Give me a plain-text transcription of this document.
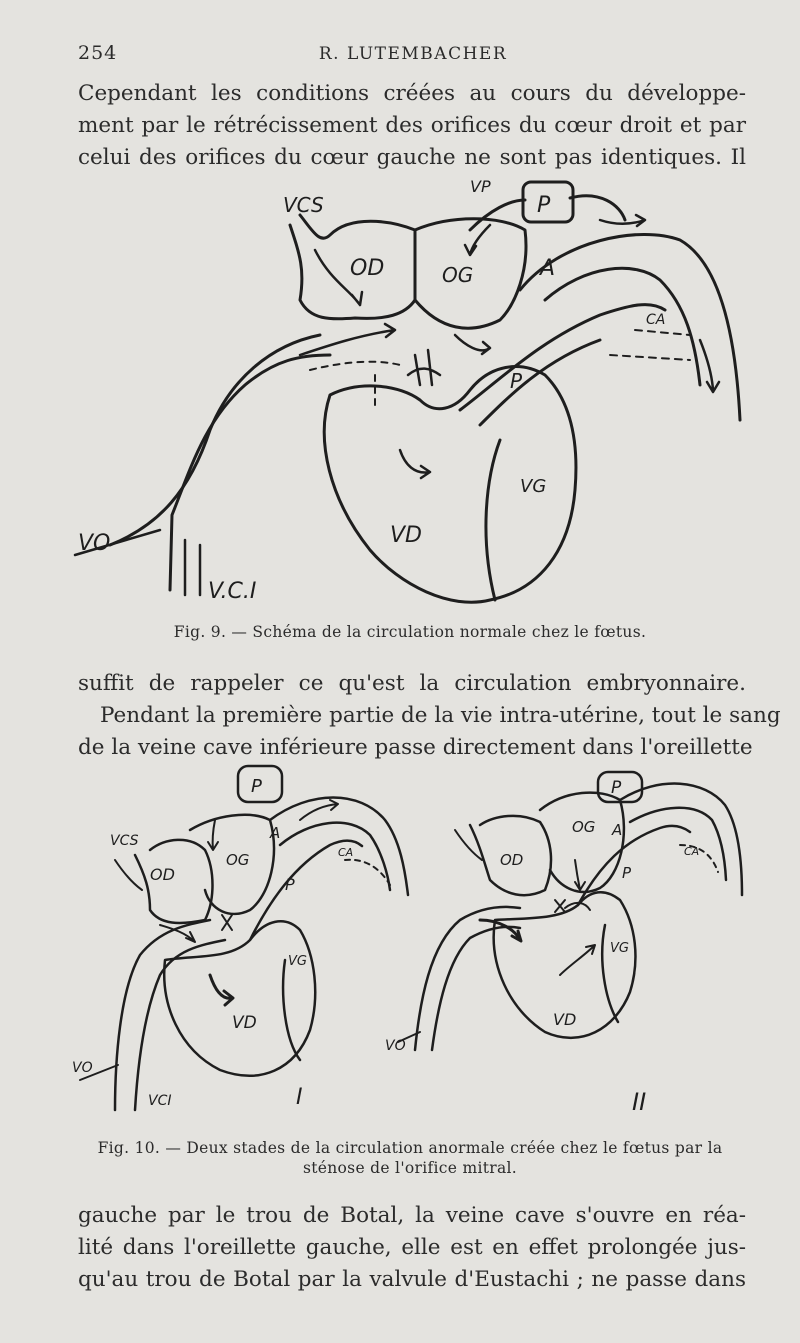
254	R. LUTEMBACHER
Cependant les conditions créées au cours du développe-
ment par le rétrécissement des orifices du cœur droit et par
celui des orifices du cœur gauche ne sont pas identiques. Il
VCS
VP
P
OD	OG	A
CA
P
VG
VD
VO
V.C.I
Fig. 9. — Schéma de la circulation normale chez le fœtus.
suffit de rappeler ce qu'est la circulation embryonnaire.
Pendant la première partie de la vie intra-utérine, tout le sang
de la veine cave inférieure passe directement dans l'oreillette
P
VCS
OD
OG
A
CA
P
VG
VD
VO
VCI	I
P
OD
OG A
CA
P
VG
VD
VO
II
Fig. 10. — Deux stades de la circulation anormale créée chez le fœtus par la
sténose de l'orifice mitral.
gauche par le trou de Botal, la veine cave s'ouvre en réa-
lité dans l'oreillette gauche, elle est en effet prolongée jus-
qu'au trou de Botal par la valvule d'Eustachi ; ne passe dans
